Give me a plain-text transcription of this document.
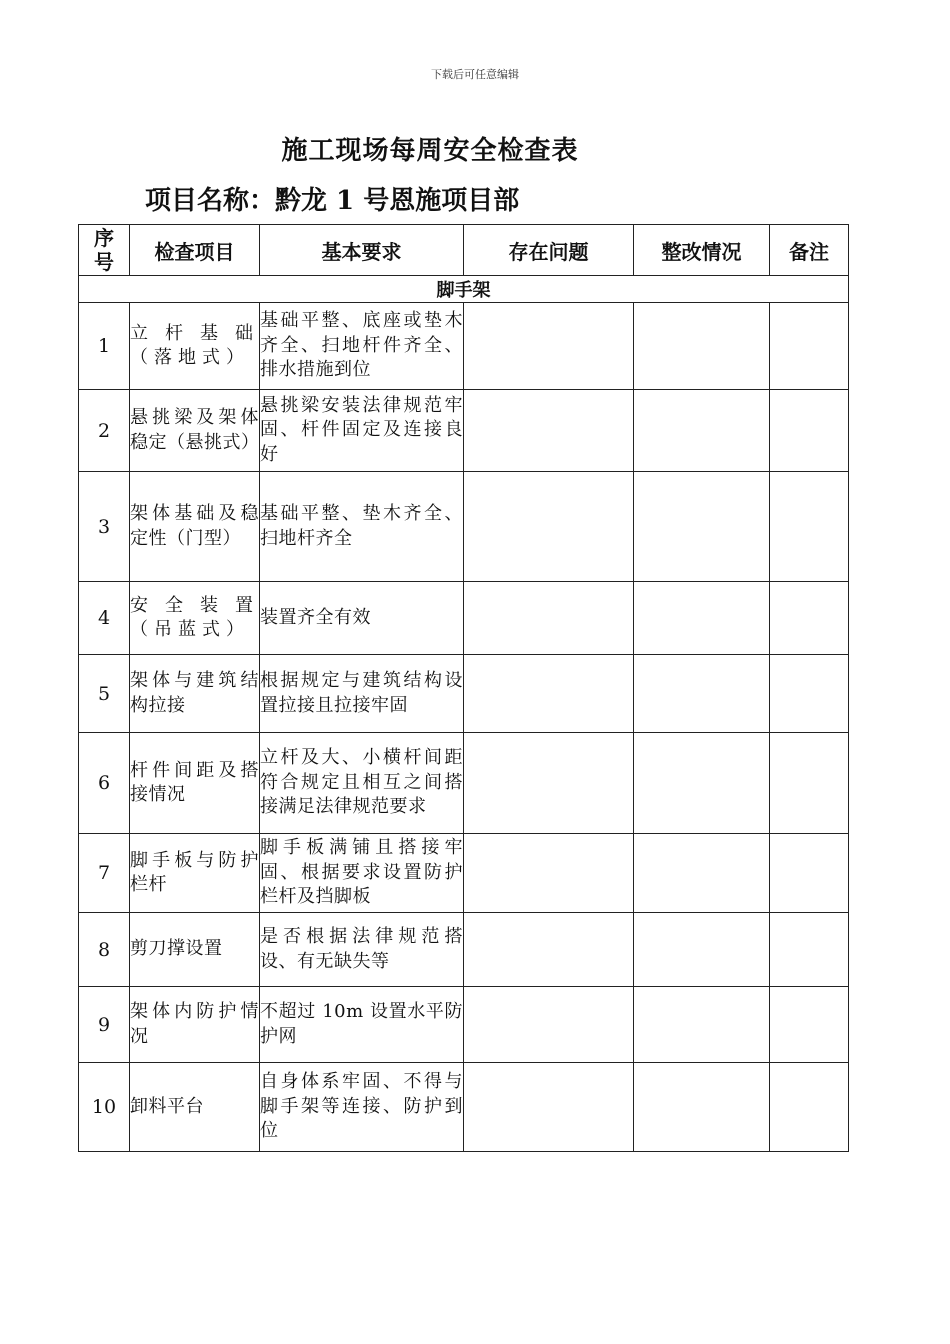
下载后可任意编辑
施工现场每周安全检查表
项目名称：黔龙 1 号恩施项目部
序
号	检查项目	基本要求	存在问题	整改情况	备注
脚手架					
1	立杆基础（落地式）	基础平整、底座或垫木齐全、扫地杆件齐全、排水措施到位			
2	悬挑梁及架体稳定（悬挑式）	悬挑梁安装法律规范牢固、杆件固定及连接良好			
3	架体基础及稳定性（门型）	基础平整、垫木齐全、扫地杆齐全			
4	安全装置（吊蓝式）	装置齐全有效			
5	架体与建筑结构拉接	根据规定与建筑结构设置拉接且拉接牢固			
6	杆件间距及搭接情况	立杆及大、小横杆间距符合规定且相互之间搭接满足法律规范要求			
7	脚手板与防护栏杆	脚手板满铺且搭接牢固、根据要求设置防护栏杆及挡脚板			
8	剪刀撑设置	是否根据法律规范搭设、有无缺失等			
9	架体内防护情况	不超过 10m 设置水平防护网			
10	卸料平台	自身体系牢固、不得与脚手架等连接、防护到位			
